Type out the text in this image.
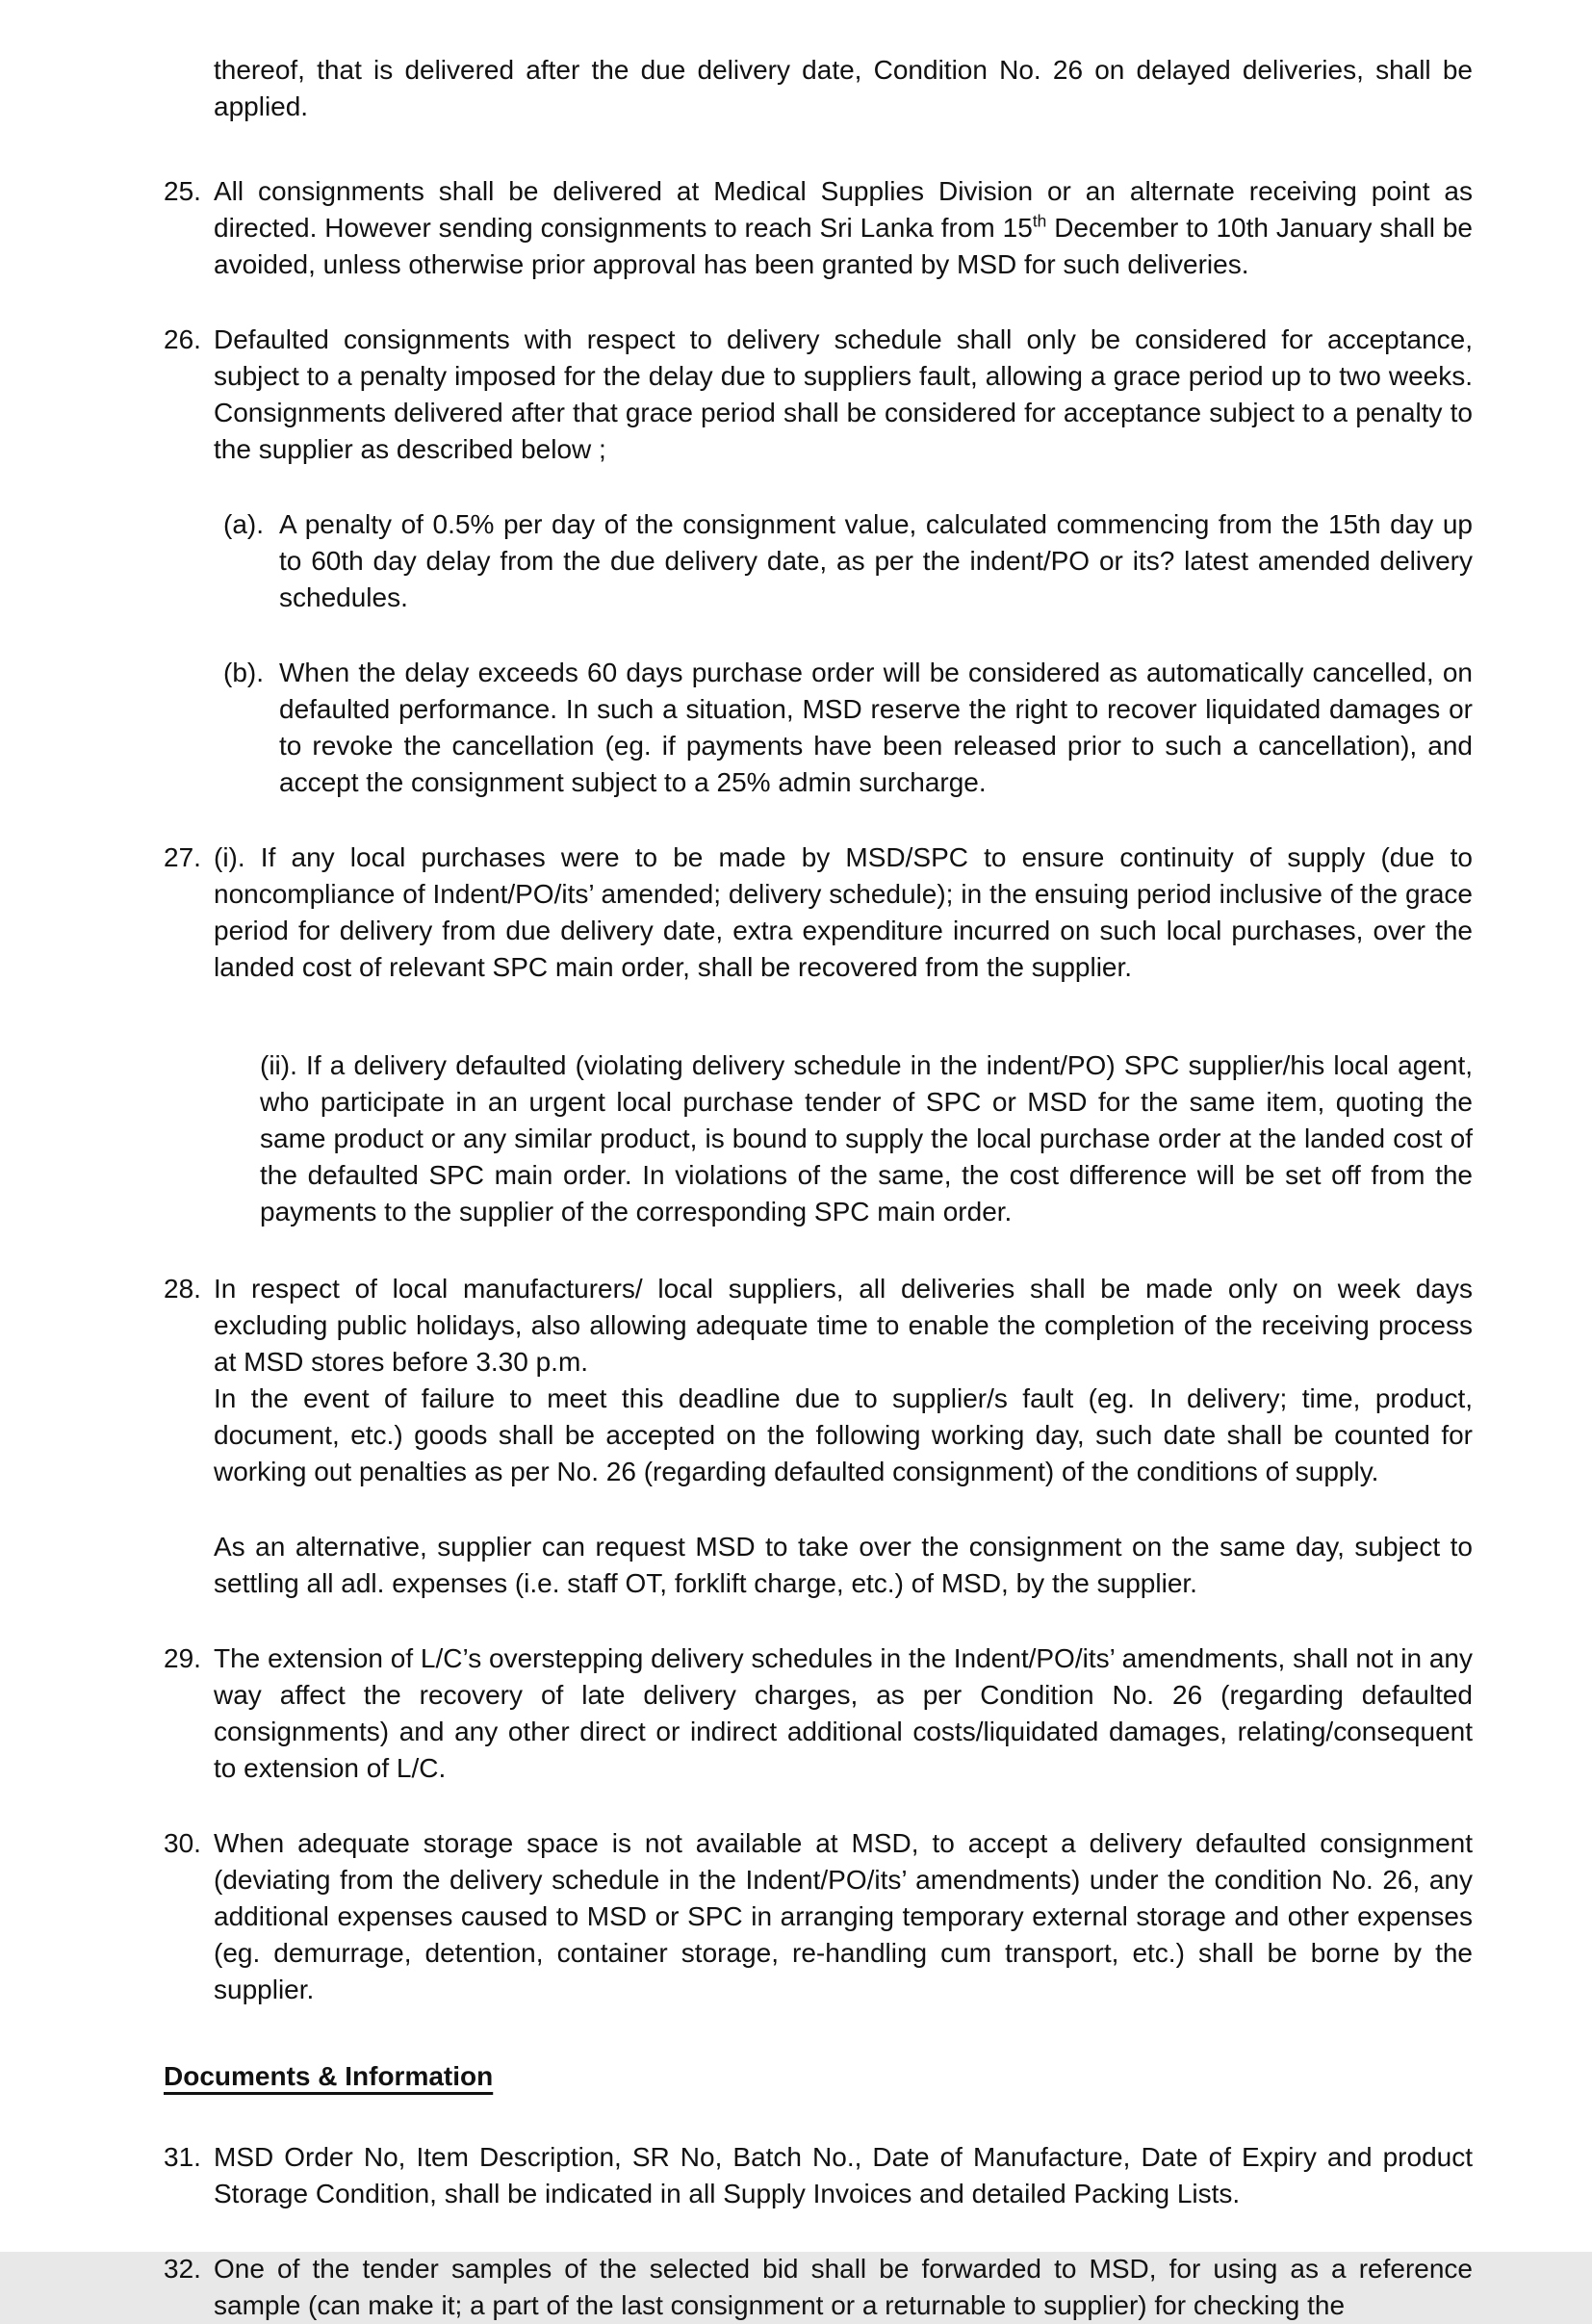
thereof, that is delivered after the due delivery date, Condition No. 26 on delayed deliveries, shall be applied.
25. All consignments shall be delivered at Medical Supplies Division or an alternate receiving point as directed. However sending consignments to reach Sri Lanka from 15th December to 10th January shall be avoided, unless otherwise prior approval has been granted by MSD for such deliveries.
26. Defaulted consignments with respect to delivery schedule shall only be considered for acceptance, subject to a penalty imposed for the delay due to suppliers fault, allowing a grace period up to two weeks. Consignments delivered after that grace period shall be considered for acceptance subject to a penalty to the supplier as described below ;
(a). A penalty of 0.5% per day of the consignment value, calculated commencing from the 15th day up to 60th day delay from the due delivery date, as per the indent/PO or its? latest amended delivery schedules.
(b). When the delay exceeds 60 days purchase order will be considered as automatically cancelled, on defaulted performance. In such a situation, MSD reserve the right to recover liquidated damages or to revoke the cancellation (eg. if payments have been released prior to such a cancellation), and accept the consignment subject to a 25% admin surcharge.
27. (i). If any local purchases were to be made by MSD/SPC to ensure continuity of supply (due to noncompliance of Indent/PO/its’ amended; delivery schedule); in the ensuing period inclusive of the grace period for delivery from due delivery date, extra expenditure incurred on such local purchases, over the landed cost of relevant SPC main order, shall be recovered from the supplier.
(ii). If a delivery defaulted (violating delivery schedule in the indent/PO) SPC supplier/his local agent, who participate in an urgent local purchase tender of SPC or MSD for the same item, quoting the same product or any similar product, is bound to supply the local purchase order at the landed cost of the defaulted SPC main order. In violations of the same, the cost difference will be set off from the payments to the supplier of the corresponding SPC main order.
28. In respect of local manufacturers/ local suppliers, all deliveries shall be made only on week days excluding public holidays, also allowing adequate time to enable the completion of the receiving process at MSD stores before 3.30 p.m.
In the event of failure to meet this deadline due to supplier/s fault (eg. In delivery; time, product, document, etc.) goods shall be accepted on the following working day, such date shall be counted for working out penalties as per No. 26 (regarding defaulted consignment) of the conditions of supply.
As an alternative, supplier can request MSD to take over the consignment on the same day, subject to settling all adl. expenses (i.e. staff OT, forklift charge, etc.) of MSD, by the supplier.
29. The extension of L/C’s overstepping delivery schedules in the Indent/PO/its’ amendments, shall not in any way affect the recovery of late delivery charges, as per Condition No. 26 (regarding defaulted consignments) and any other direct or indirect additional costs/liquidated damages, relating/consequent to extension of L/C.
30. When adequate storage space is not available at MSD, to accept a delivery defaulted consignment (deviating from the delivery schedule in the Indent/PO/its’ amendments) under the condition No. 26, any additional expenses caused to MSD or SPC in arranging temporary external storage and other expenses (eg. demurrage, detention, container storage, re-handling cum transport, etc.) shall be borne by the supplier.
Documents & Information
31. MSD Order No, Item Description, SR No, Batch No., Date of Manufacture, Date of Expiry and product Storage Condition, shall be indicated in all Supply Invoices and detailed Packing Lists.
32. One of the tender samples of the selected bid shall be forwarded to MSD, for using as a reference sample (can make it; a part of the last consignment or a returnable to supplier) for checking the
